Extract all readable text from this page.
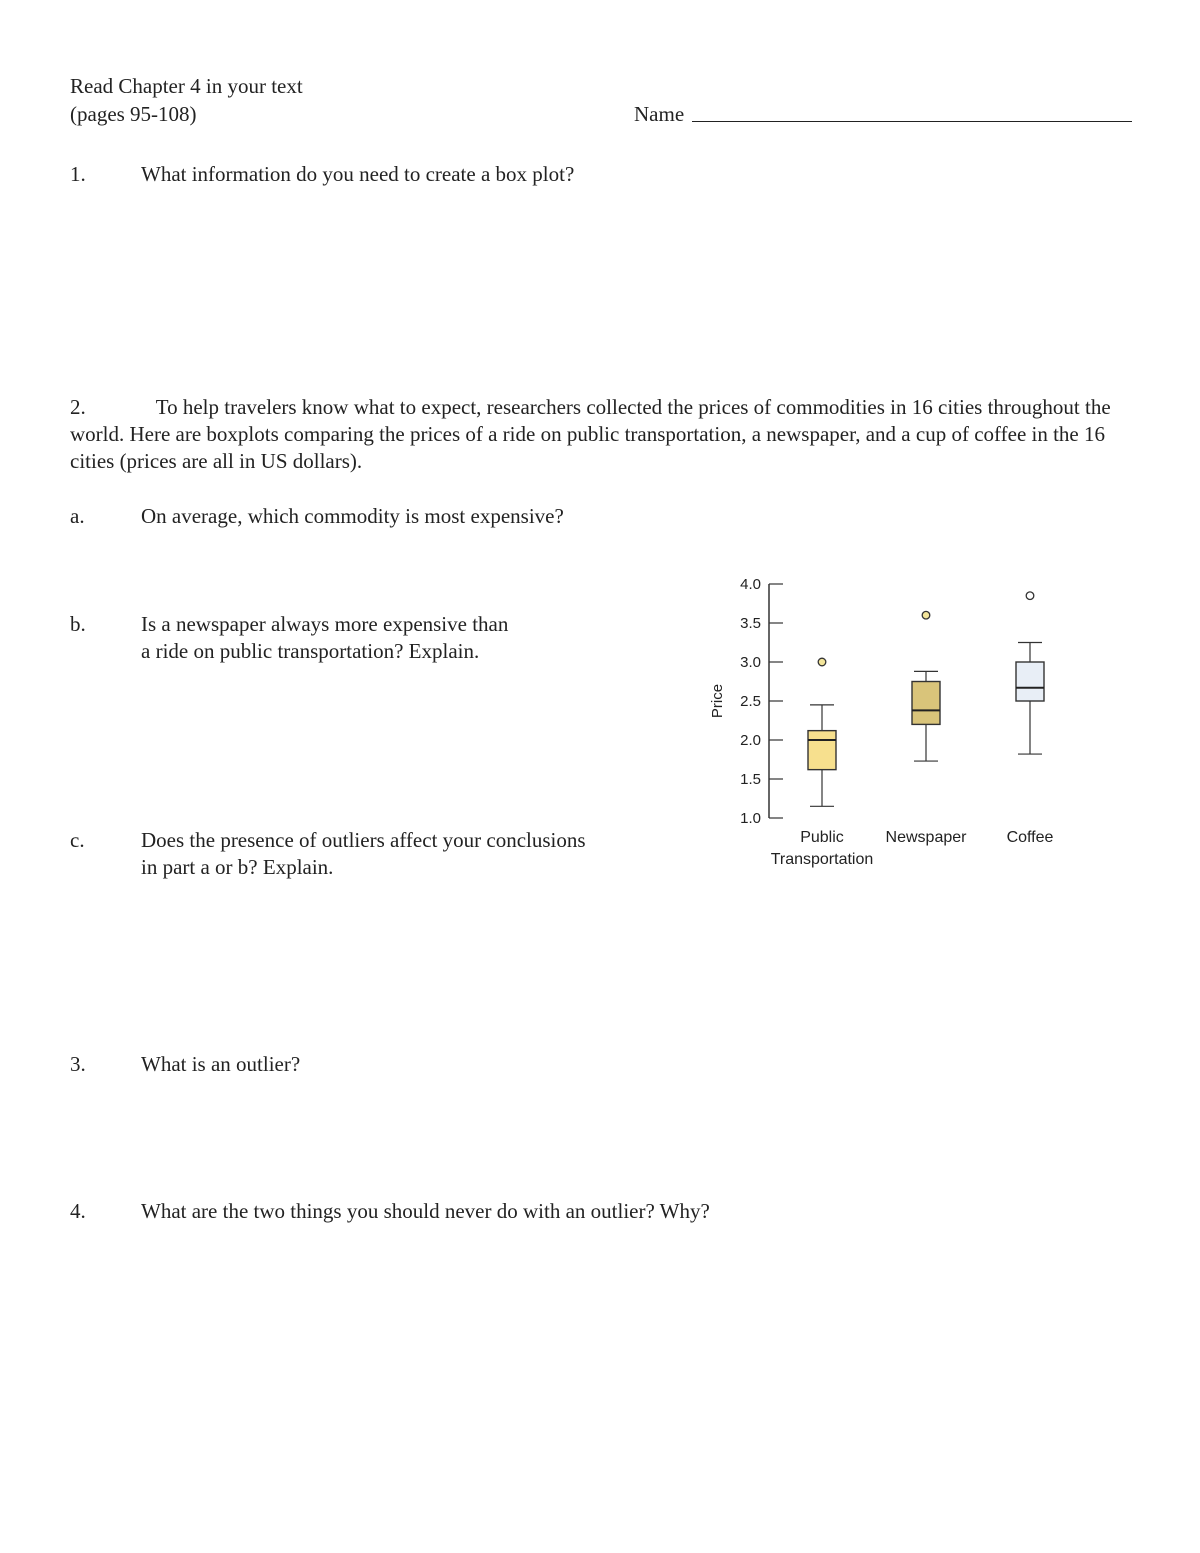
Read Chapter 4 in your text
(pages 95-108)	Name
1.	What information do you need to create a box plot?
2.	To help travelers know what to expect, researchers collected the prices of commodities in 16 cities throughout the world. Here are boxplots comparing the prices of a ride on public transportation, a newspaper, and a cup of coffee in the 16 cities (prices are all in US dollars).
a.	On average, which commodity is most expensive?
b.	Is a newspaper always more expensive than
a ride on public transportation? Explain.
c.	Does the presence of outliers affect your conclusions
in part a or b? Explain.
3.	What is an outlier?
4.	What are the two things you should never do with an outlier? Why?
4.0
3.5
3.0
2.5
2.0
1.5
1.0
Price
Public
Transportation
Newspaper	Coffee
